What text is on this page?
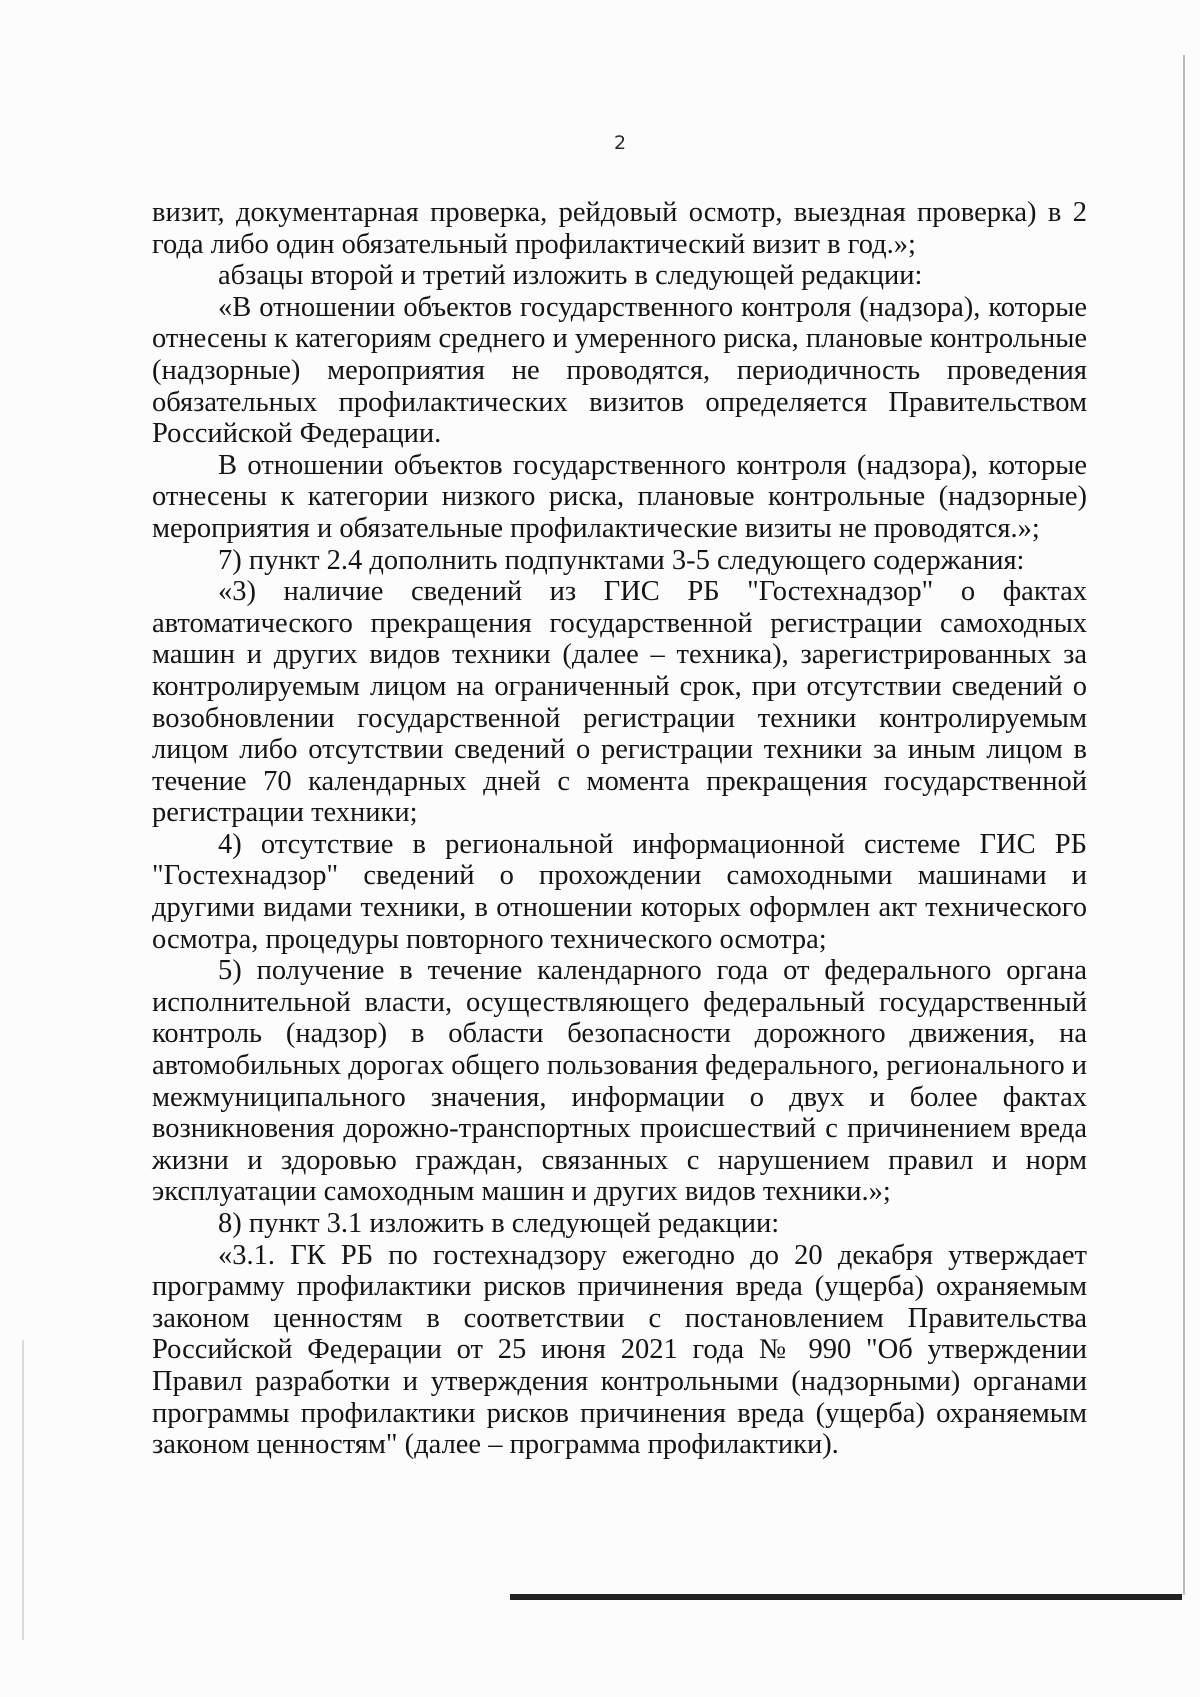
2

визит, документарная проверка, рейдовый осмотр, выездная проверка) в 2 года либо один обязательный профилактический визит в год.»;

абзацы второй и третий изложить в следующей редакции:

«В отношении объектов государственного контроля (надзора), которые отнесены к категориям среднего и умеренного риска, плановые контрольные (надзорные) мероприятия не проводятся, периодичность проведения обязательных профилактических визитов определяется Правительством Российской Федерации.

В отношении объектов государственного контроля (надзора), которые отнесены к категории низкого риска, плановые контрольные (надзорные) мероприятия и обязательные профилактические визиты не проводятся.»;

7) пункт 2.4 дополнить подпунктами 3-5 следующего содержания:

«3) наличие сведений из ГИС РБ "Гостехнадзор" о фактах автоматического прекращения государственной регистрации самоходных машин и других видов техники (далее – техника), зарегистрированных за контролируемым лицом на ограниченный срок, при отсутствии сведений о возобновлении государственной регистрации техники контролируемым лицом либо отсутствии сведений о регистрации техники за иным лицом в течение 70 календарных дней с момента прекращения государственной регистрации техники;

4) отсутствие в региональной информационной системе ГИС РБ "Гостехнадзор" сведений о прохождении самоходными машинами и другими видами техники, в отношении которых оформлен акт технического осмотра, процедуры повторного технического осмотра;

5) получение в течение календарного года от федерального органа исполнительной власти, осуществляющего федеральный государственный контроль (надзор) в области безопасности дорожного движения, на автомобильных дорогах общего пользования федерального, регионального и межмуниципального значения, информации о двух и более фактах возникновения дорожно-транспортных происшествий с причинением вреда жизни и здоровью граждан, связанных с нарушением правил и норм эксплуатации самоходным машин и других видов техники.»;

8) пункт 3.1 изложить в следующей редакции:

«3.1. ГК РБ по гостехнадзору ежегодно до 20 декабря утверждает программу профилактики рисков причинения вреда (ущерба) охраняемым законом ценностям в соответствии с постановлением Правительства Российской Федерации от 25 июня 2021 года № 990 "Об утверждении Правил разработки и утверждения контрольными (надзорными) органами программы профилактики рисков причинения вреда (ущерба) охраняемым законом ценностям" (далее – программа профилактики).
